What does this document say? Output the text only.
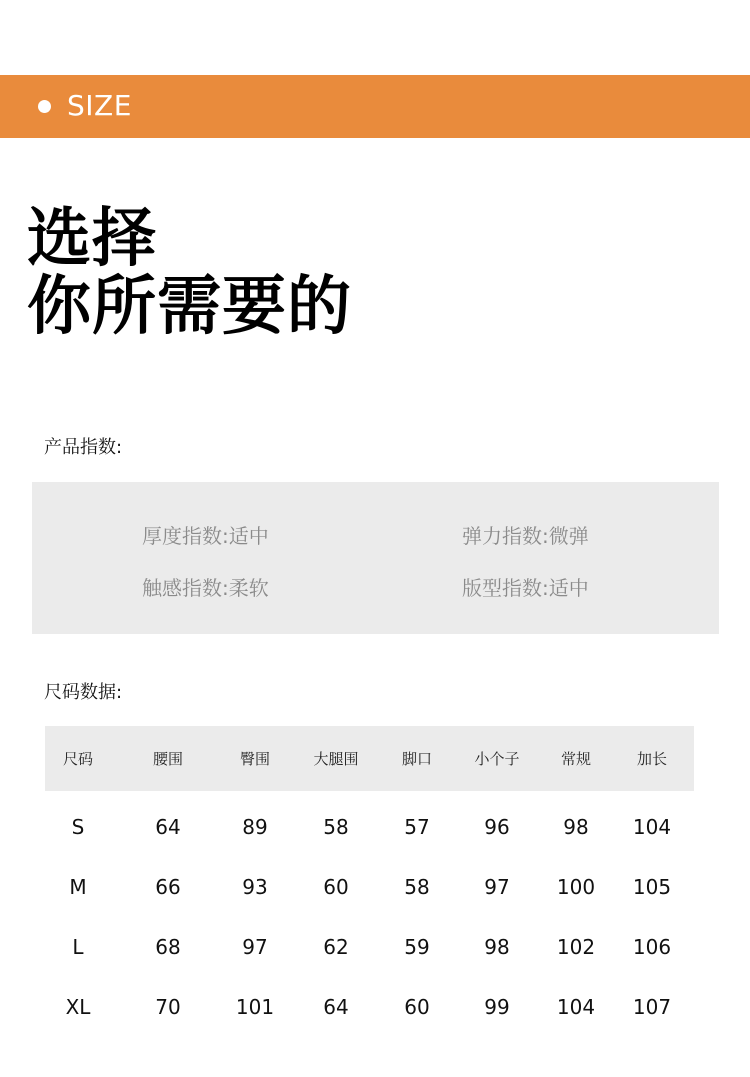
SIZE
选择
你所需要的
产品指数:
厚度指数:适中	弹力指数:微弹
触感指数:柔软	版型指数:适中
尺码数据:
尺码	腰围	臀围	大腿围	脚口	小个子	常规	加长
S	64	89	58	57	96	98 104
M	66	93	60	58	97 100 105
L	68	97	62	59	98 102 106
XL	70	101 64	60	99 104 107
